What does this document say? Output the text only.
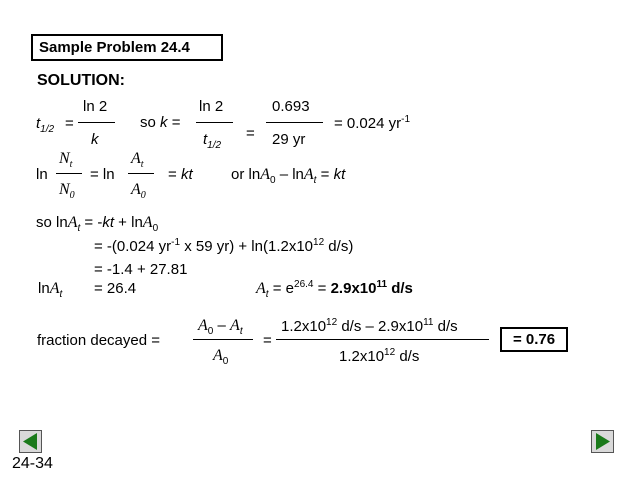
Sample Problem 24.4
SOLUTION:
$t_{1/2}$ =
ln 2
k
so k =
ln 2
$t_{1/2}$
=
0.693
29 yr
= 0.024 $yr^{-1}$
ln
$N_t$
$N_0$
= ln
$A_t$
$A_0$
= kt	or lnA$_0$ – lnA$_t$ = kt
so lnA$_t$ = -kt + lnA$_0$
= -(0.024 $yr^{-1}$ x 59 $yr) + \ln(1.2x10^{12}$ d/s)
= -1.4 + 27.81
lnA$_t$ = 26.4	$A_t = e^{26.4} = 2.9x10^{11}$ d/s
fraction decayed =
$A_0 - A_t$
$A_0$
=
$1.2x10^{12}$ $d/s - 2.9x10^{11}$ d/s
$1.2x10^{12}$ d/s
= 0.76
24-34
